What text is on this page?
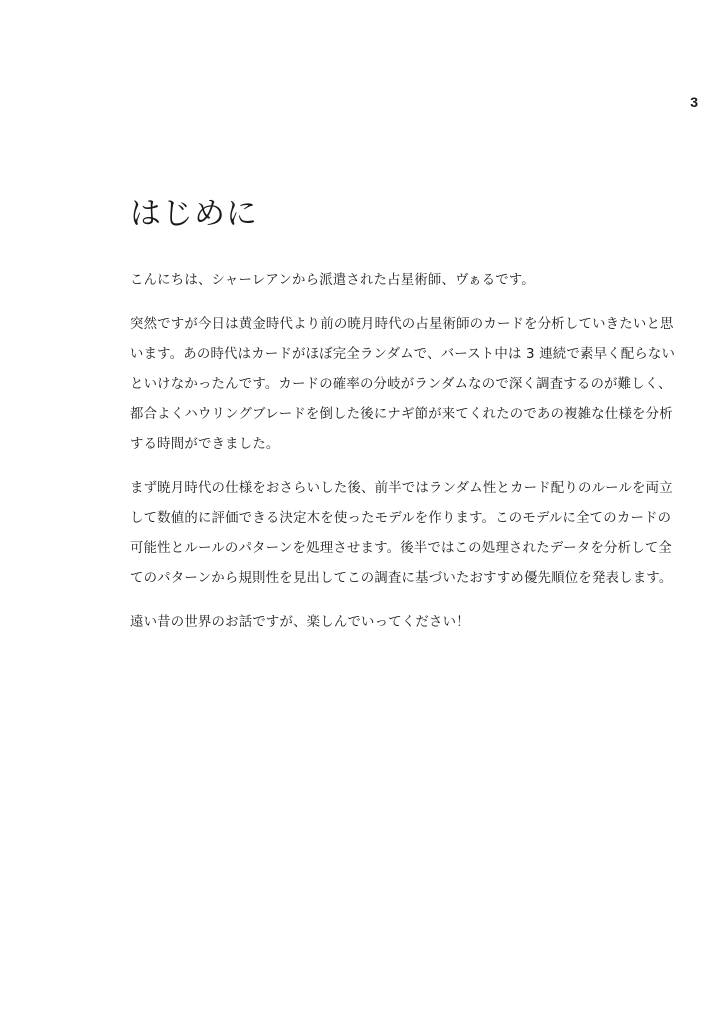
3
はじめに

こんにちは、シャーレアンから派遣された占星術師、ヴぁるです。

突然ですが今日は黄金時代より前の暁月時代の占星術師のカードを分析していきたいと思
います。あの時代はカードがほぼ完全ランダムで、バースト中は 3 連続で素早く配らない
といけなかったんです。カードの確率の分岐がランダムなので深く調査するのが難しく、
都合よくハウリングブレードを倒した後にナギ節が来てくれたのであの複雑な仕様を分析
する時間ができました。

まず暁月時代の仕様をおさらいした後、前半ではランダム性とカード配りのルールを両立
して数値的に評価できる決定木を使ったモデルを作ります。このモデルに全てのカードの
可能性とルールのパターンを処理させます。後半ではこの処理されたデータを分析して全
てのパターンから規則性を見出してこの調査に基づいたおすすめ優先順位を発表します。

遠い昔の世界のお話ですが、楽しんでいってください！
